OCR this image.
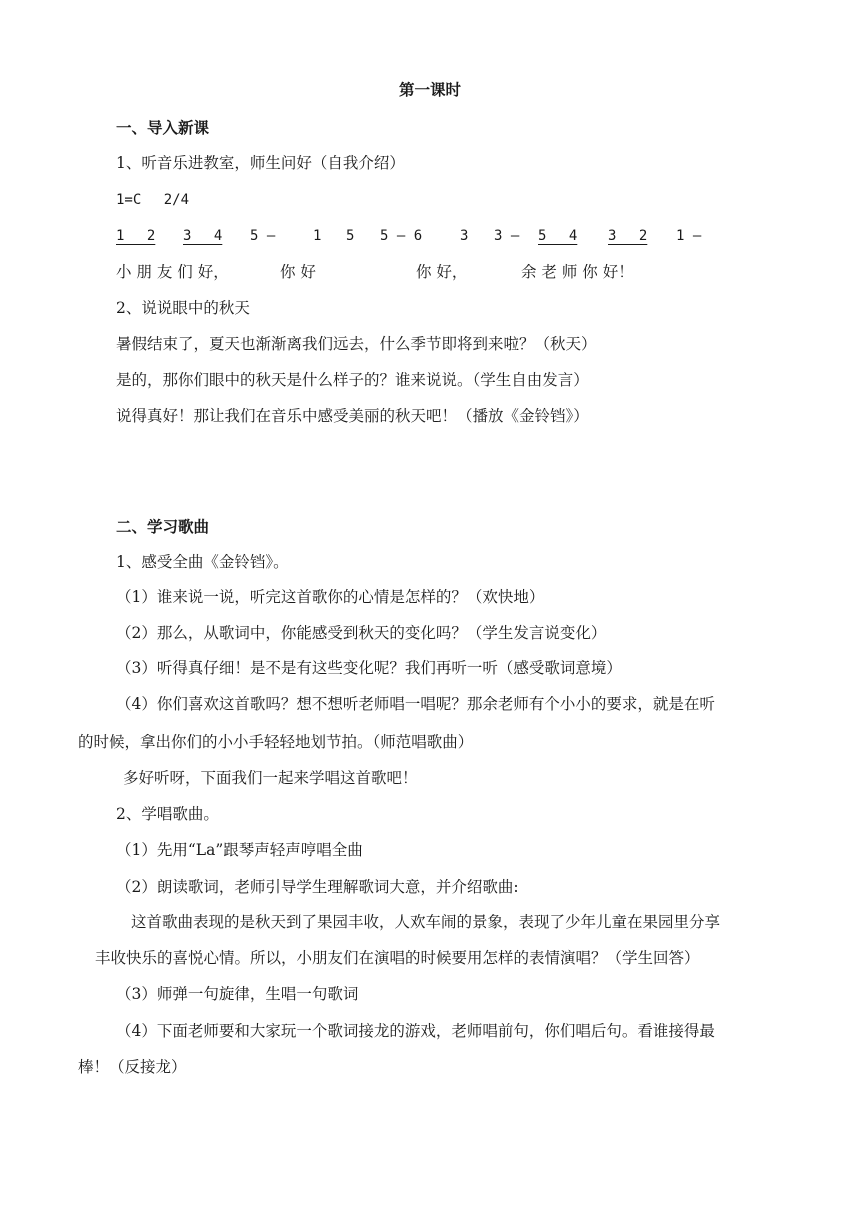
第一课时
一、导入新课
1、听音乐进教室，师生问好（自我介绍）
1=C　 2/4
1　 2 3　 4 5 —	1 5 5 — 6	3 3 — 5　 4 3　 2 1 —
小 朋 友 们 好，	你 好	你 好，	余 老 师 你 好！
2、说说眼中的秋天
暑假结束了，夏天也渐渐离我们远去，什么季节即将到来啦？（秋天）
是的，那你们眼中的秋天是什么样子的？谁来说说。（学生自由发言）
说得真好！那让我们在音乐中感受美丽的秋天吧！（播放《金铃铛》）
二、学习歌曲
1、感受全曲《金铃铛》。
（1）谁来说一说，听完这首歌你的心情是怎样的？（欢快地）
（2）那么，从歌词中，你能感受到秋天的变化吗？（学生发言说变化）
（3）听得真仔细！是不是有这些变化呢？我们再听一听（感受歌词意境）
（4）你们喜欢这首歌吗？想不想听老师唱一唱呢？那余老师有个小小的要求，就是在听
的时候，拿出你们的小小手轻轻地划节拍。（师范唱歌曲）
多好听呀，下面我们一起来学唱这首歌吧！
2、学唱歌曲。
（1）先用“La”跟琴声轻声哼唱全曲
（2）朗读歌词，老师引导学生理解歌词大意，并介绍歌曲:
这首歌曲表现的是秋天到了果园丰收，人欢车闹的景象，表现了少年儿童在果园里分享
丰收快乐的喜悦心情。所以，小朋友们在演唱的时候要用怎样的表情演唱？（学生回答）
（3）师弹一句旋律，生唱一句歌词
（4）下面老师要和大家玩一个歌词接龙的游戏，老师唱前句，你们唱后句。看谁接得最
棒！（反接龙）
